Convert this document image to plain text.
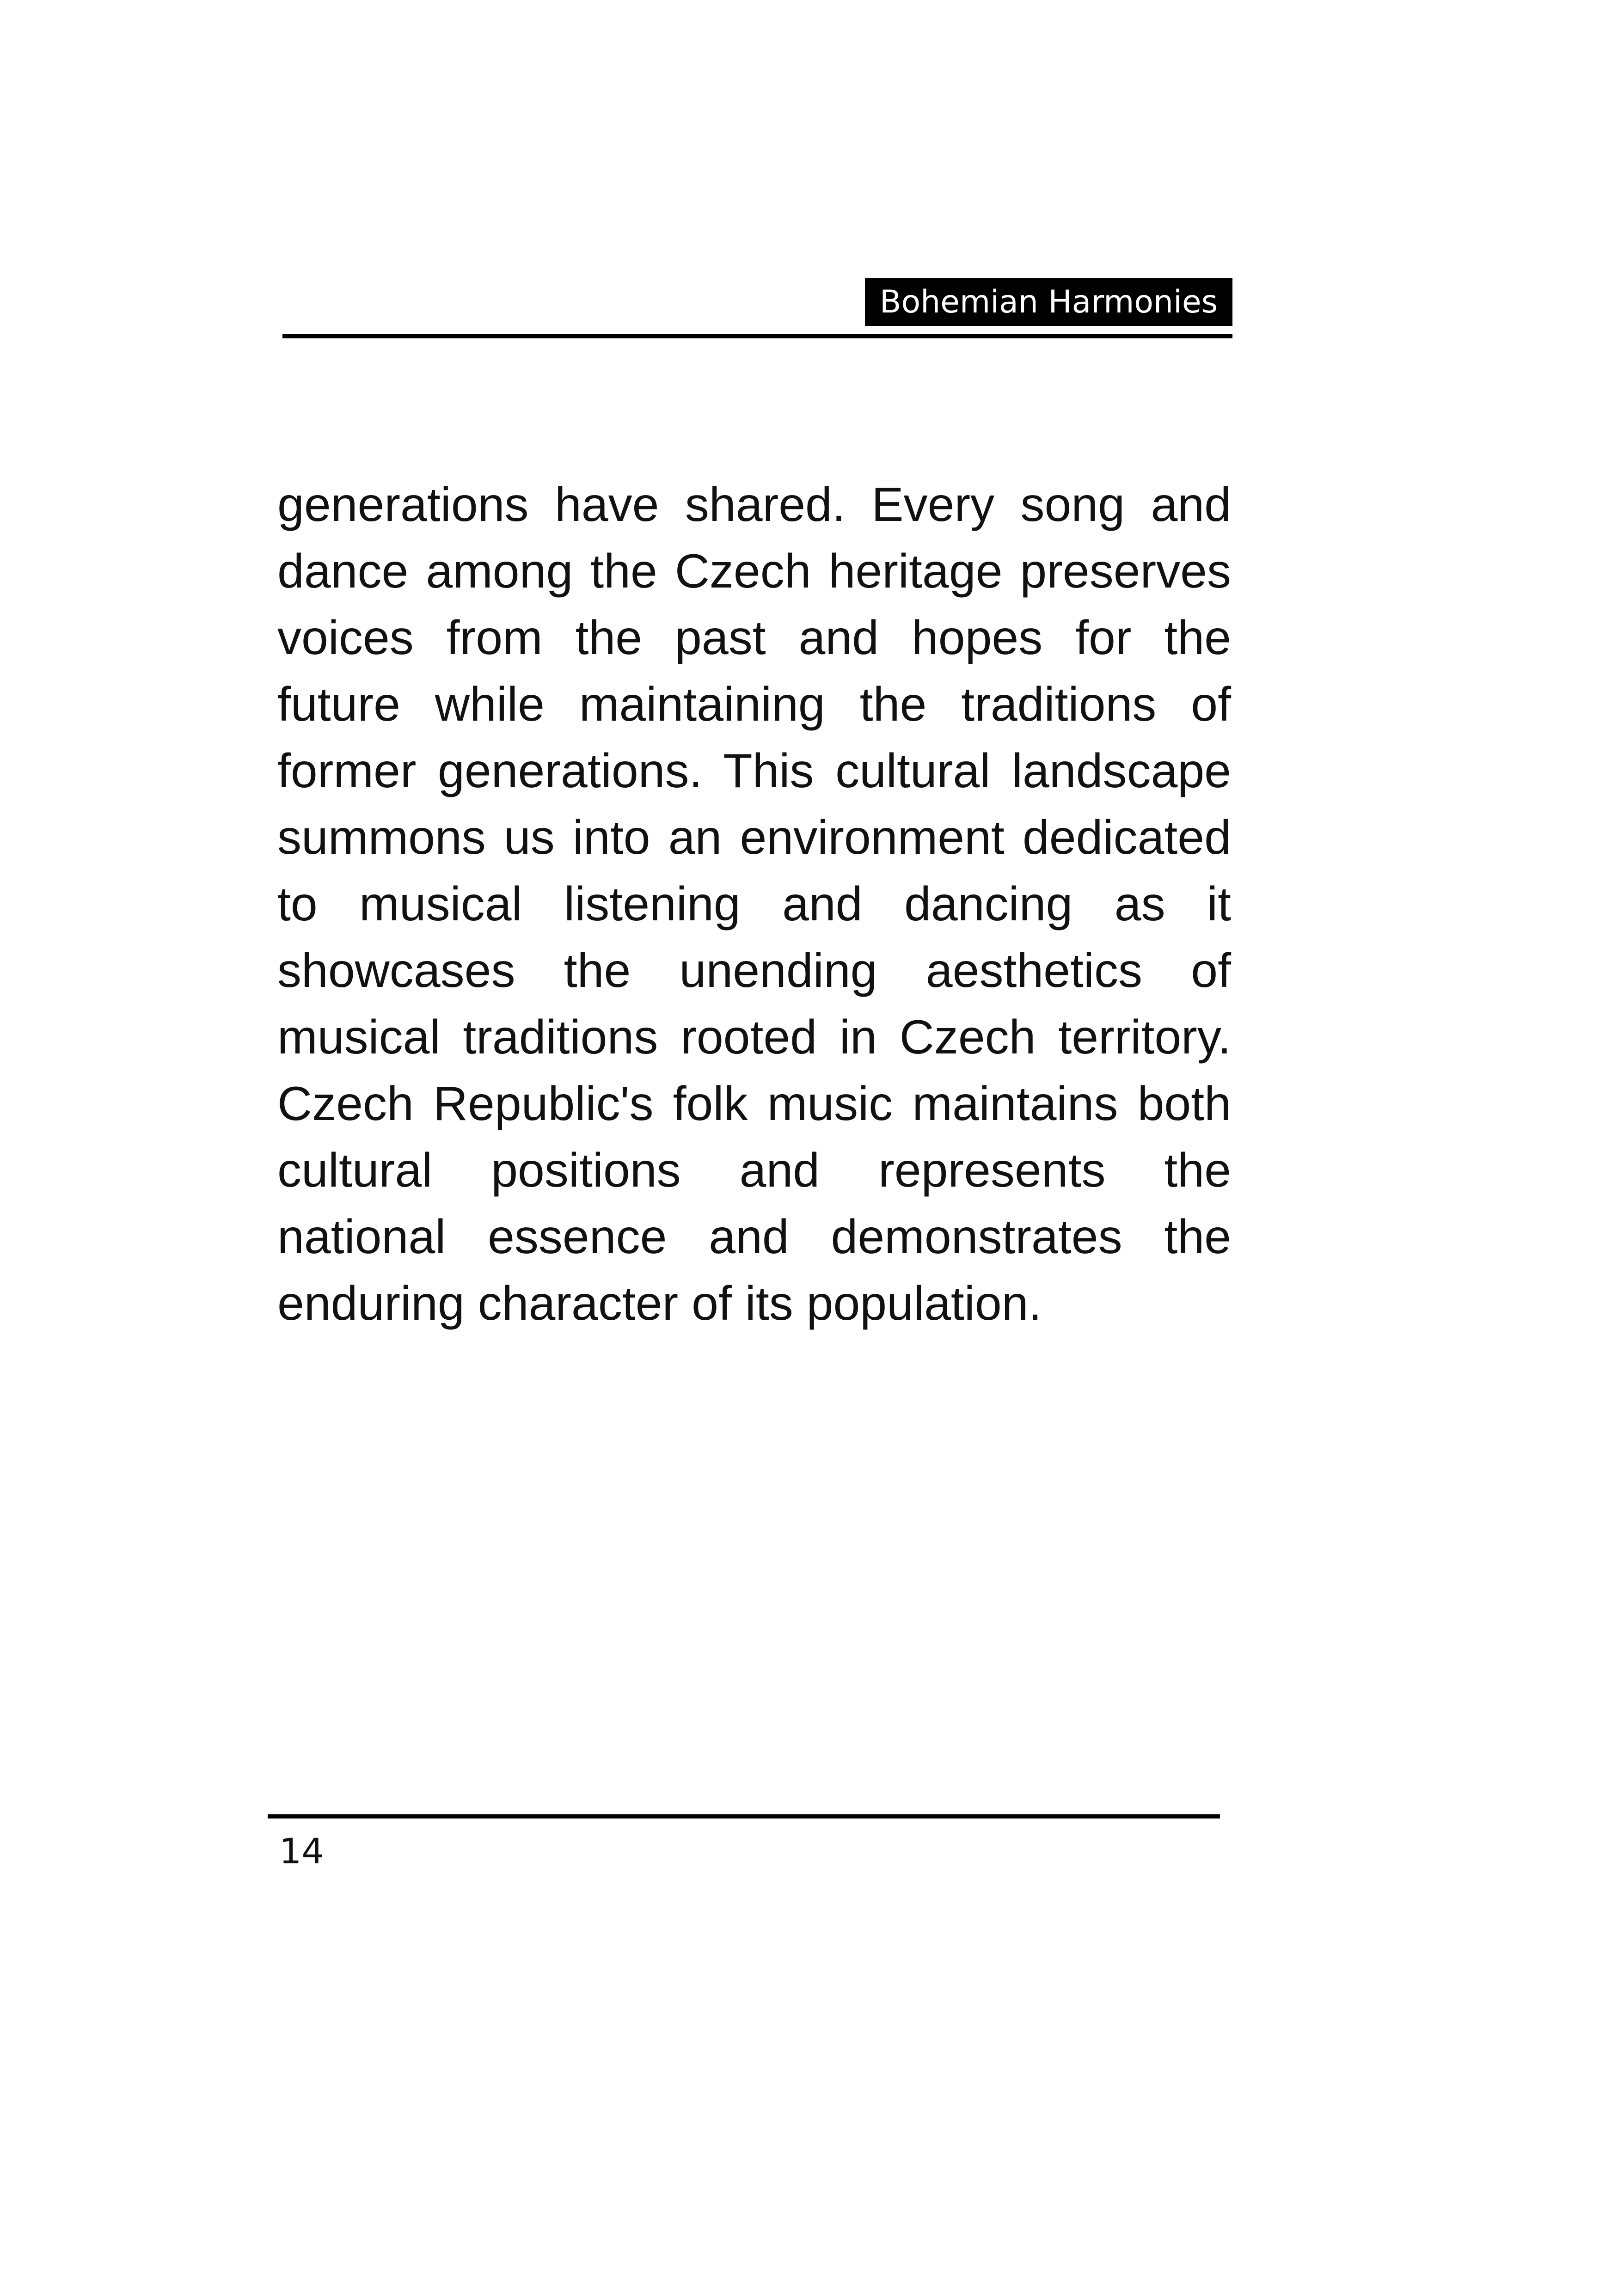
Bohemian Harmonies

generations have shared. Every song and dance among the Czech heritage preserves voices from the past and hopes for the future while maintaining the traditions of former generations. This cultural landscape summons us into an environment dedicated to musical listening and dancing as it showcases the unending aesthetics of musical traditions rooted in Czech territory. Czech Republic's folk music maintains both cultural positions and represents the national essence and demonstrates the enduring character of its population.

14
